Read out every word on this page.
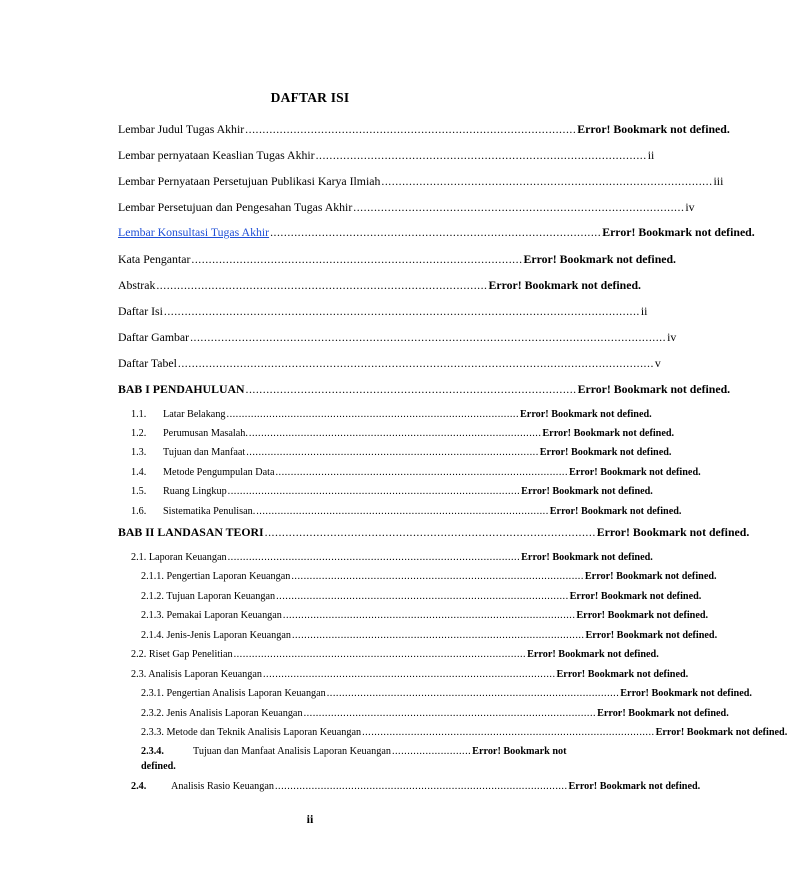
DAFTAR ISI
Lembar Judul Tugas Akhir ................................................................................................ Error! Bookmark not defined.
Lembar pernyataan Keaslian Tugas Akhir ................................................................................................ ii
Lembar Pernyataan Persetujuan Publikasi Karya Ilmiah ................................................................................................ iii
Lembar Persetujuan dan Pengesahan Tugas Akhir ................................................................................................ iv
Lembar Konsultasi Tugas Akhir ................................................................................................ Error! Bookmark not defined.
Kata Pengantar ................................................................................................ Error! Bookmark not defined.
Abstrak ................................................................................................ Error! Bookmark not defined.
Daftar Isi .......................................................................................................................................... ii
Daftar Gambar .......................................................................................................................................... iv
Daftar Tabel .......................................................................................................................................... v
BAB I PENDAHULUAN ................................................................................................ Error! Bookmark not defined.
1.1.	Latar Belakang ................................................................................................ Error! Bookmark not defined.
1.2.	Perumusan Masalah. ................................................................................................ Error! Bookmark not defined.
1.3.	Tujuan dan Manfaat ................................................................................................ Error! Bookmark not defined.
1.4.	Metode Pengumpulan Data ................................................................................................ Error! Bookmark not defined.
1.5.	Ruang Lingkup ................................................................................................ Error! Bookmark not defined.
1.6.	Sistematika Penulisan. ................................................................................................ Error! Bookmark not defined.
BAB II LANDASAN TEORI ................................................................................................ Error! Bookmark not defined.
2.1. Laporan Keuangan ................................................................................................ Error! Bookmark not defined.
2.1.1. Pengertian Laporan Keuangan ................................................................................................ Error! Bookmark not defined.
2.1.2. Tujuan Laporan Keuangan ................................................................................................ Error! Bookmark not defined.
2.1.3. Pemakai Laporan Keuangan ................................................................................................ Error! Bookmark not defined.
2.1.4. Jenis-Jenis Laporan Keuangan ................................................................................................ Error! Bookmark not defined.
2.2. Riset Gap Penelitian ................................................................................................ Error! Bookmark not defined.
2.3. Analisis Laporan Keuangan ................................................................................................ Error! Bookmark not defined.
2.3.1. Pengertian Analisis Laporan Keuangan ................................................................................................ Error! Bookmark not defined.
2.3.2. Jenis Analisis Laporan Keuangan ................................................................................................ Error! Bookmark not defined.
2.3.3. Metode dan Teknik Analisis Laporan Keuangan ................................................................................................ Error! Bookmark not defined.
2.3.4.	Tujuan dan Manfaat Analisis Laporan Keuangan .......................... Error! Bookmark not
defined.
2.4.	Analisis Rasio Keuangan ................................................................................................ Error! Bookmark not defined.
ii
